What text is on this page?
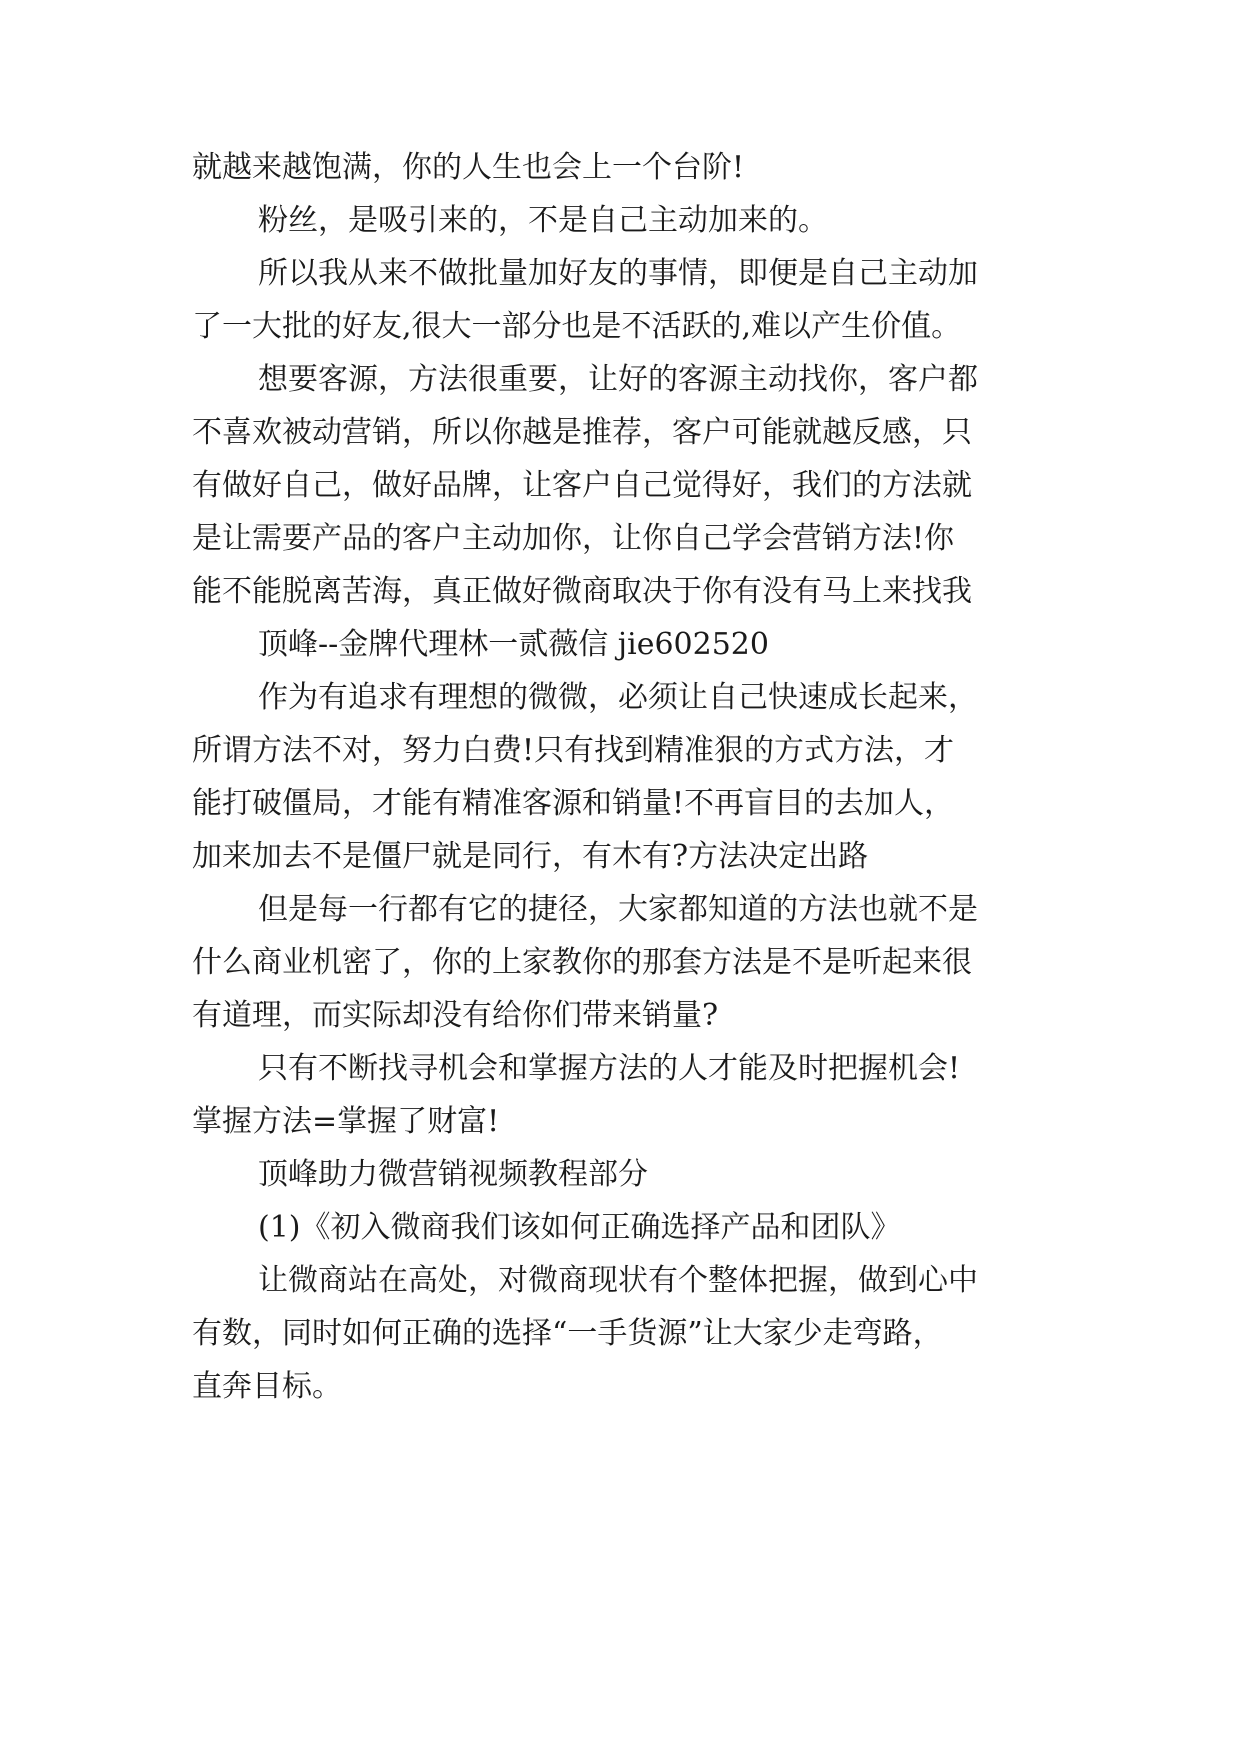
就越来越饱满，你的人生也会上一个台阶!
粉丝，是吸引来的，不是自己主动加来的。
所以我从来不做批量加好友的事情，即便是自己主动加
了一大批的好友,很大一部分也是不活跃的,难以产生价值。
想要客源，方法很重要，让好的客源主动找你，客户都
不喜欢被动营销，所以你越是推荐，客户可能就越反感，只
有做好自己，做好品牌，让客户自己觉得好，我们的方法就
是让需要产品的客户主动加你，让你自己学会营销方法!你
能不能脱离苦海，真正做好微商取决于你有没有马上来找我
顶峰--金牌代理林一贰薇信 jie602520
作为有追求有理想的微微，必须让自己快速成长起来，
所谓方法不对，努力白费!只有找到精准狠的方式方法，才
能打破僵局，才能有精准客源和销量!不再盲目的去加人，
加来加去不是僵尸就是同行，有木有?方法决定出路
但是每一行都有它的捷径，大家都知道的方法也就不是
什么商业机密了，你的上家教你的那套方法是不是听起来很
有道理，而实际却没有给你们带来销量?
只有不断找寻机会和掌握方法的人才能及时把握机会!
掌握方法=掌握了财富!
顶峰助力微营销视频教程部分
(1)《初入微商我们该如何正确选择产品和团队》
让微商站在高处，对微商现状有个整体把握，做到心中
有数，同时如何正确的选择“一手货源”让大家少走弯路，
直奔目标。
